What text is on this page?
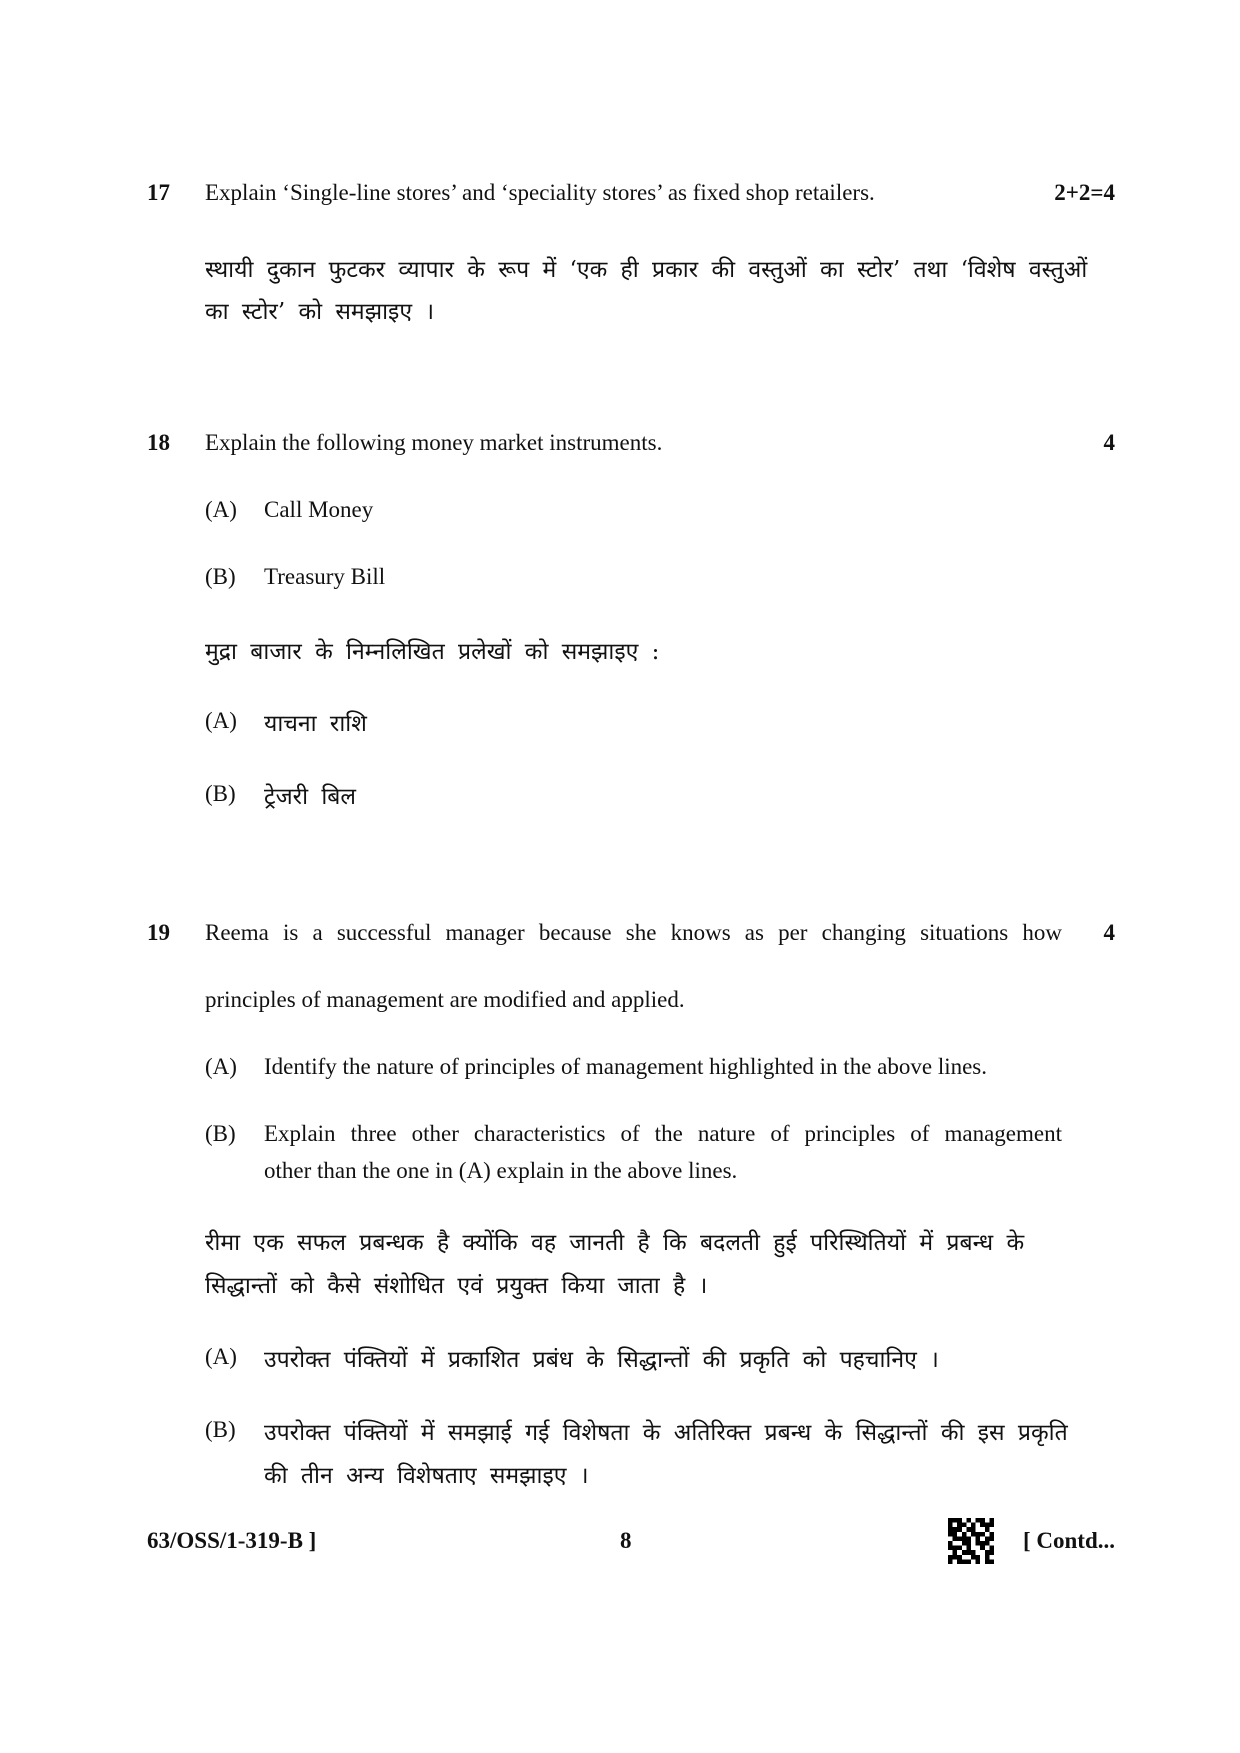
17 Explain ‘Single-line stores’ and ‘speciality stores’ as fixed shop retailers.	2+2=4
स्थायी दुकान फुटकर व्यापार के रूप में ‘एक ही प्रकार की वस्तुओं का स्टोर’ तथा ‘विशेष वस्तुओं
का स्टोर’ को समझाइए ।
18 Explain the following money market instruments.	4
(A) Call Money
(B) Treasury Bill
मुद्रा बाजार के निम्नलिखित प्रलेखों को समझाइए :
(A) याचना राशि
(B) ट्रेजरी बिल
19 Reema is a successful manager because she knows as per changing situations how 4
principles of management are modified and applied.
(A) Identify the nature of principles of management highlighted in the above lines.
(B) Explain three other characteristics of the nature of principles of management
other than the one in (A) explain in the above lines.
रीमा एक सफल प्रबन्धक है क्योंकि वह जानती है कि बदलती हुई परिस्थितियों में प्रबन्ध के
सिद्धान्तों को कैसे संशोधित एवं प्रयुक्त किया जाता है ।
(A) उपरोक्त पंक्तियों में प्रकाशित प्रबंध के सिद्धान्तों की प्रकृति को पहचानिए ।
(B) उपरोक्त पंक्तियों में समझाई गई विशेषता के अतिरिक्त प्रबन्ध के सिद्धान्तों की इस प्रकृति
की तीन अन्य विशेषताए समझाइए ।
63/OSS/1-319-B ]	8	[ Contd...
